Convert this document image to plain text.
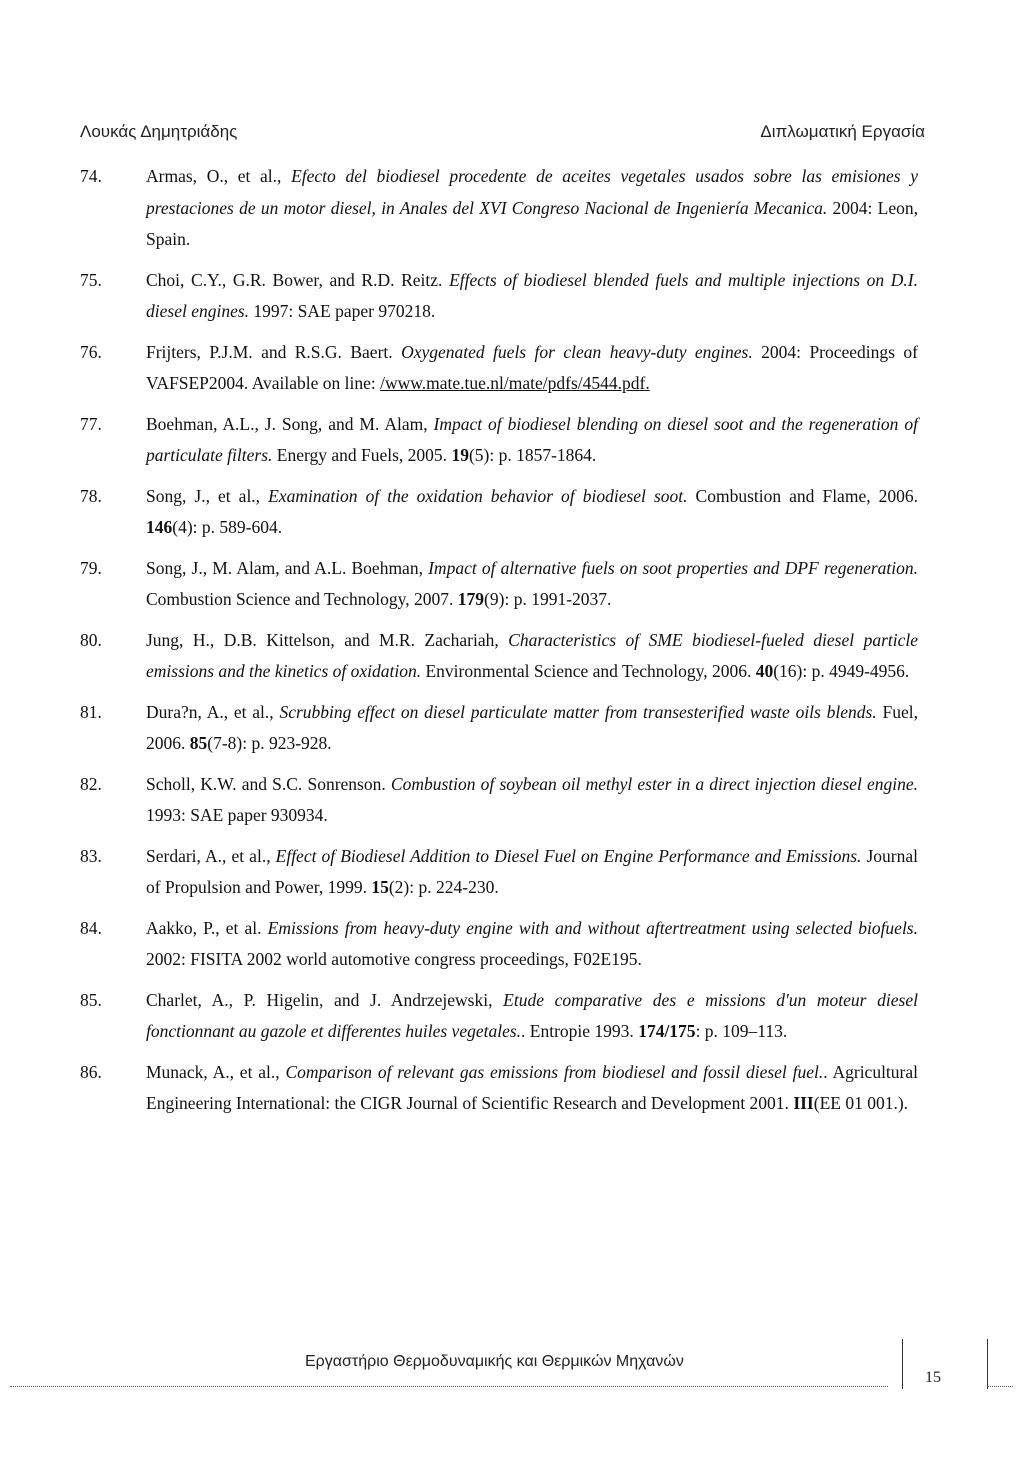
Λουκάς Δημητριάδης	Διπλωματική Εργασία
74.	Armas, O., et al., Efecto del biodiesel procedente de aceites vegetales usados sobre las emisiones y prestaciones de un motor diesel, in Anales del XVI Congreso Nacional de Ingeniería Mecanica. 2004: Leon, Spain.
75.	Choi, C.Y., G.R. Bower, and R.D. Reitz. Effects of biodiesel blended fuels and multiple injections on D.I. diesel engines. 1997: SAE paper 970218.
76.	Frijters, P.J.M. and R.S.G. Baert. Oxygenated fuels for clean heavy-duty engines. 2004: Proceedings of VAFSEP2004. Available on line: /www.mate.tue.nl/mate/pdfs/4544.pdf.
77.	Boehman, A.L., J. Song, and M. Alam, Impact of biodiesel blending on diesel soot and the regeneration of particulate filters. Energy and Fuels, 2005. 19(5): p. 1857-1864.
78.	Song, J., et al., Examination of the oxidation behavior of biodiesel soot. Combustion and Flame, 2006. 146(4): p. 589-604.
79.	Song, J., M. Alam, and A.L. Boehman, Impact of alternative fuels on soot properties and DPF regeneration. Combustion Science and Technology, 2007. 179(9): p. 1991-2037.
80.	Jung, H., D.B. Kittelson, and M.R. Zachariah, Characteristics of SME biodiesel-fueled diesel particle emissions and the kinetics of oxidation. Environmental Science and Technology, 2006. 40(16): p. 4949-4956.
81.	Dura?n, A., et al., Scrubbing effect on diesel particulate matter from transesterified waste oils blends. Fuel, 2006. 85(7-8): p. 923-928.
82.	Scholl, K.W. and S.C. Sonrenson. Combustion of soybean oil methyl ester in a direct injection diesel engine. 1993: SAE paper 930934.
83.	Serdari, A., et al., Effect of Biodiesel Addition to Diesel Fuel on Engine Performance and Emissions. Journal of Propulsion and Power, 1999. 15(2): p. 224-230.
84.	Aakko, P., et al. Emissions from heavy-duty engine with and without aftertreatment using selected biofuels. 2002: FISITA 2002 world automotive congress proceedings, F02E195.
85.	Charlet, A., P. Higelin, and J. Andrzejewski, Etude comparative des e missions d'un moteur diesel fonctionnant au gazole et differentes huiles vegetales.. Entropie 1993. 174/175: p. 109–113.
86.	Munack, A., et al., Comparison of relevant gas emissions from biodiesel and fossil diesel fuel.. Agricultural Engineering International: the CIGR Journal of Scientific Research and Development 2001. III(EE 01 001.).
Εργαστήριο Θερμοδυναμικής και Θερμικών Μηχανών
15
